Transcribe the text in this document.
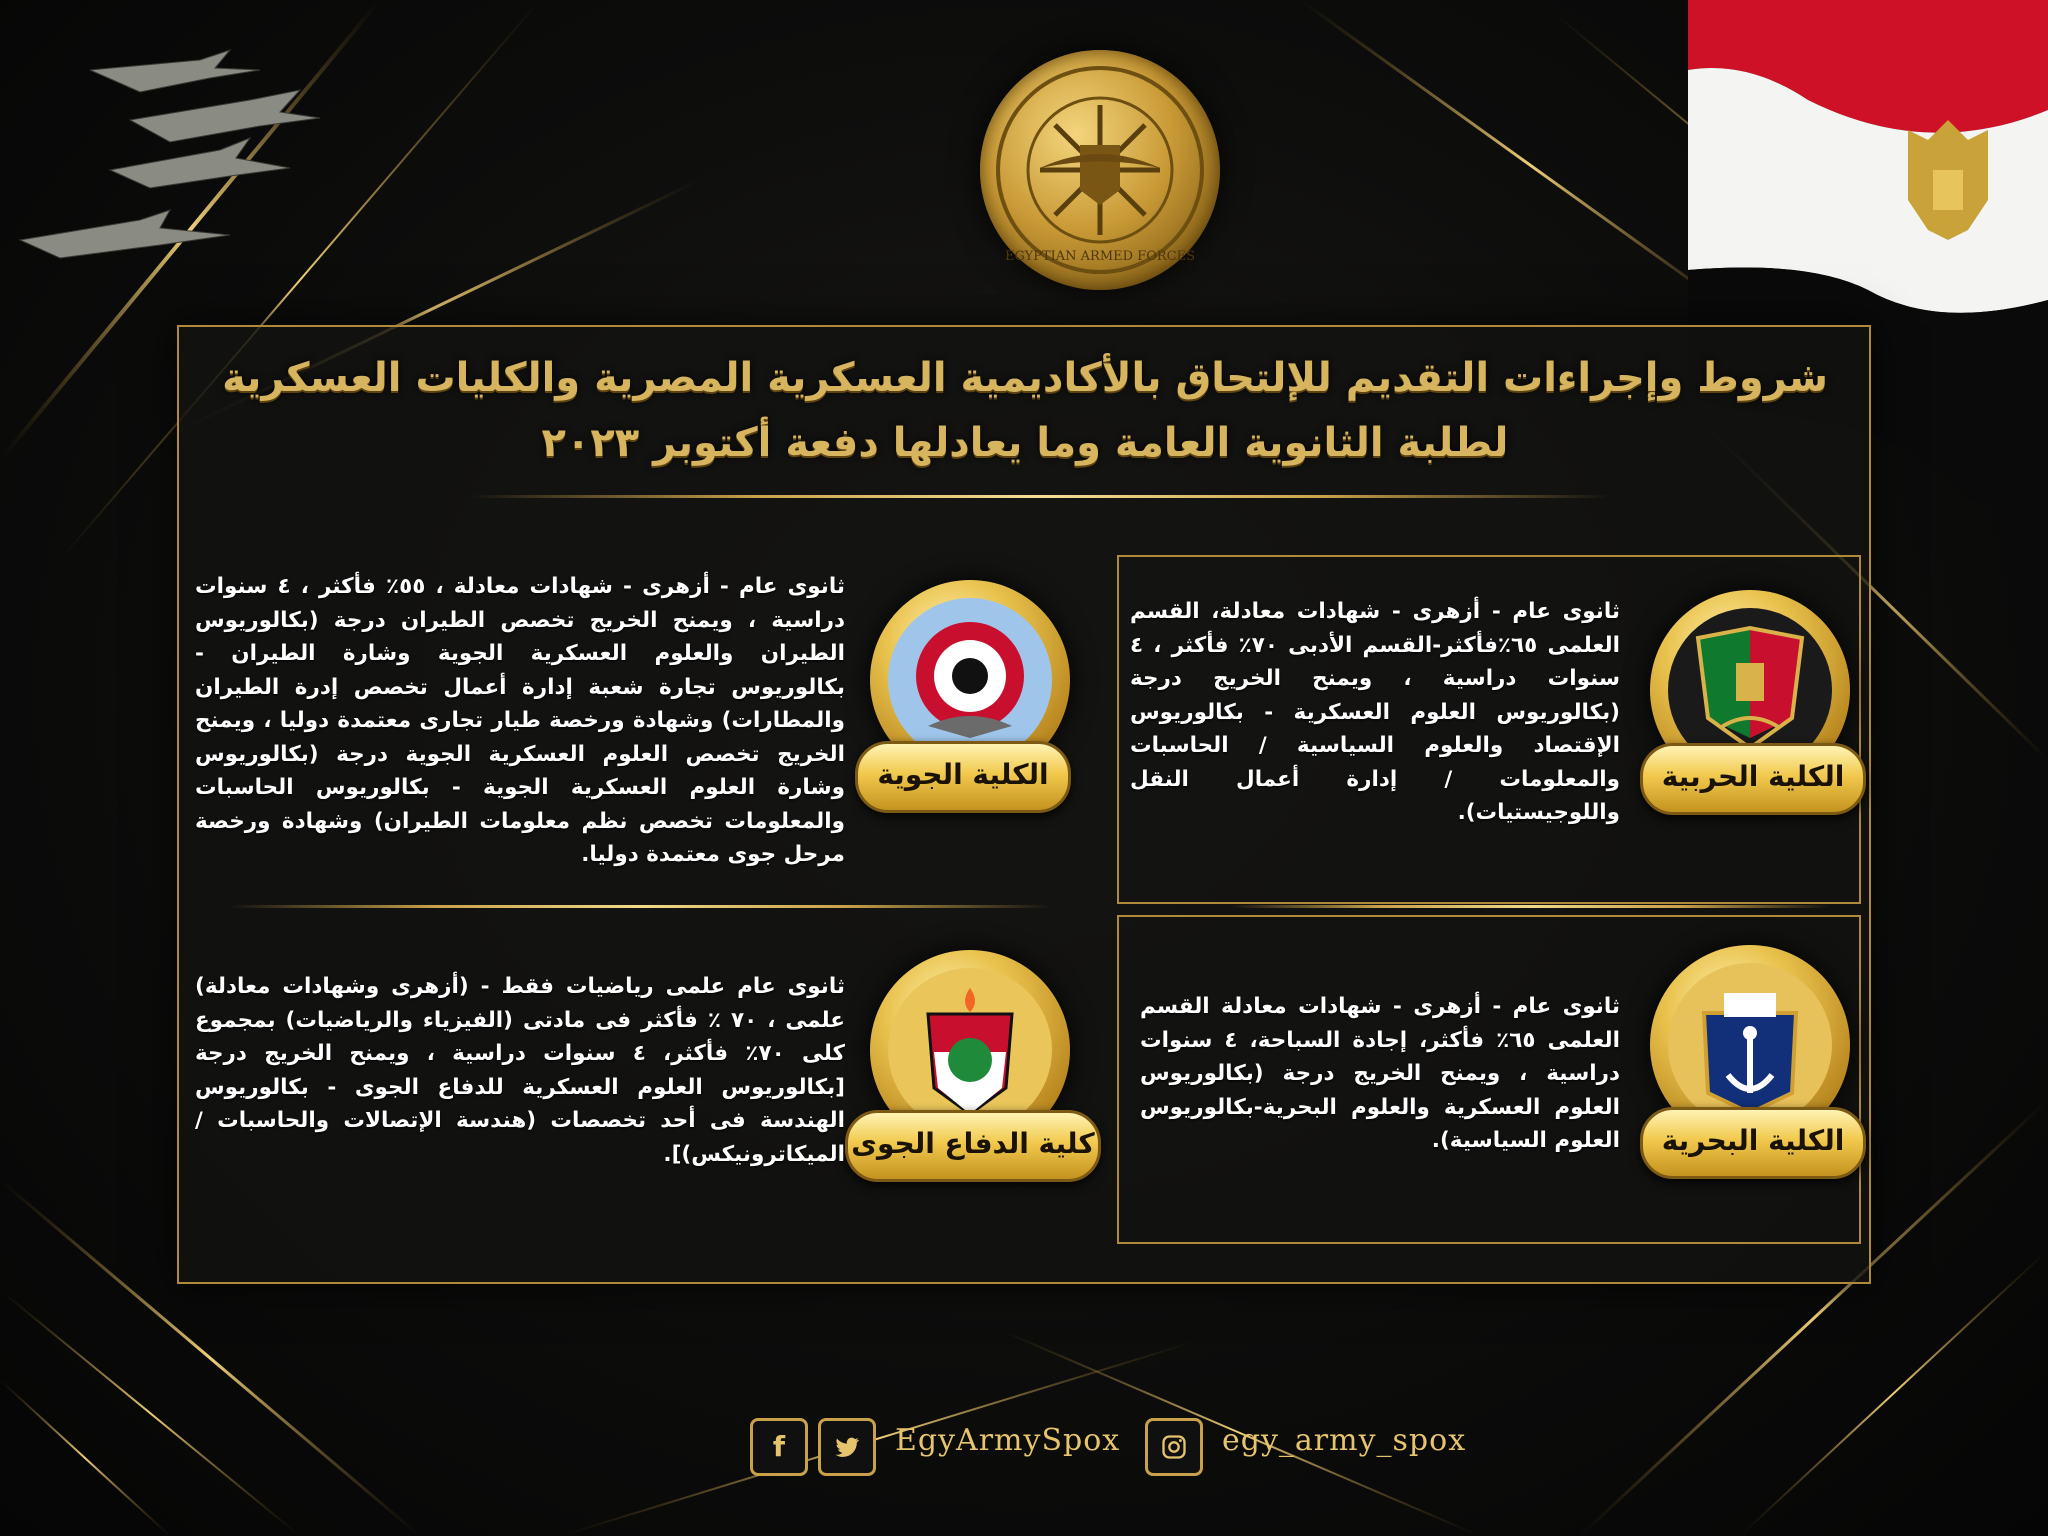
EGYPTIAN ARMED FORCES
شروط وإجراءات التقديم للإلتحاق بالأكاديمية العسكرية المصرية والكليات العسكرية
لطلبة الثانوية العامة وما يعادلها دفعة أكتوبر ٢٠٢٣
الكلية الحربية
ثانوى عام - أزهرى - شهادات معادلة، القسم العلمى ٦٥٪فأكثر-القسم الأدبى ٧٠٪ فأكثر ، ٤ سنوات دراسية ، ويمنح الخريج درجة (بكالوريوس العلوم العسكرية - بكالوريوس الإقتصاد والعلوم السياسية / الحاسبات والمعلومات / إدارة أعمال النقل واللوجيستيات).
الكلية الجوية
ثانوى عام - أزهرى - شهادات معادلة ، ٥٥٪ فأكثر ، ٤ سنوات دراسية ، ويمنح الخريج تخصص الطيران درجة (بكالوريوس الطيران والعلوم العسكرية الجوية وشارة الطيران - بكالوريوس تجارة شعبة إدارة أعمال تخصص إدرة الطيران والمطارات) وشهادة ورخصة طيار تجارى معتمدة دوليا ، ويمنح الخريج تخصص العلوم العسكرية الجوية درجة (بكالوريوس وشارة العلوم العسكرية الجوية - بكالوريوس الحاسبات والمعلومات تخصص نظم معلومات الطيران) وشهادة ورخصة مرحل جوى معتمدة دوليا.
الكلية البحرية
ثانوى عام - أزهرى - شهادات معادلة القسم العلمى ٦٥٪ فأكثر، إجادة السباحة، ٤ سنوات دراسية ، ويمنح الخريج درجة (بكالوريوس العلوم العسكرية والعلوم البحرية-بكالوريوس العلوم السياسية).
كلية الدفاع الجوى
ثانوى عام علمى رياضيات فقط - (أزهرى وشهادات معادلة) علمى ، ٧٠ ٪ فأكثر فى مادتى (الفيزياء والرياضيات) بمجموع كلى ٧٠٪ فأكثر، ٤ سنوات دراسية ، ويمنح الخريج درجة [بكالوريوس العلوم العسكرية للدفاع الجوى - بكالوريوس الهندسة فى أحد تخصصات (هندسة الإتصالات والحاسبات / الميكاترونيكس)].
f	EgyArmySpox	egy_army_spox
